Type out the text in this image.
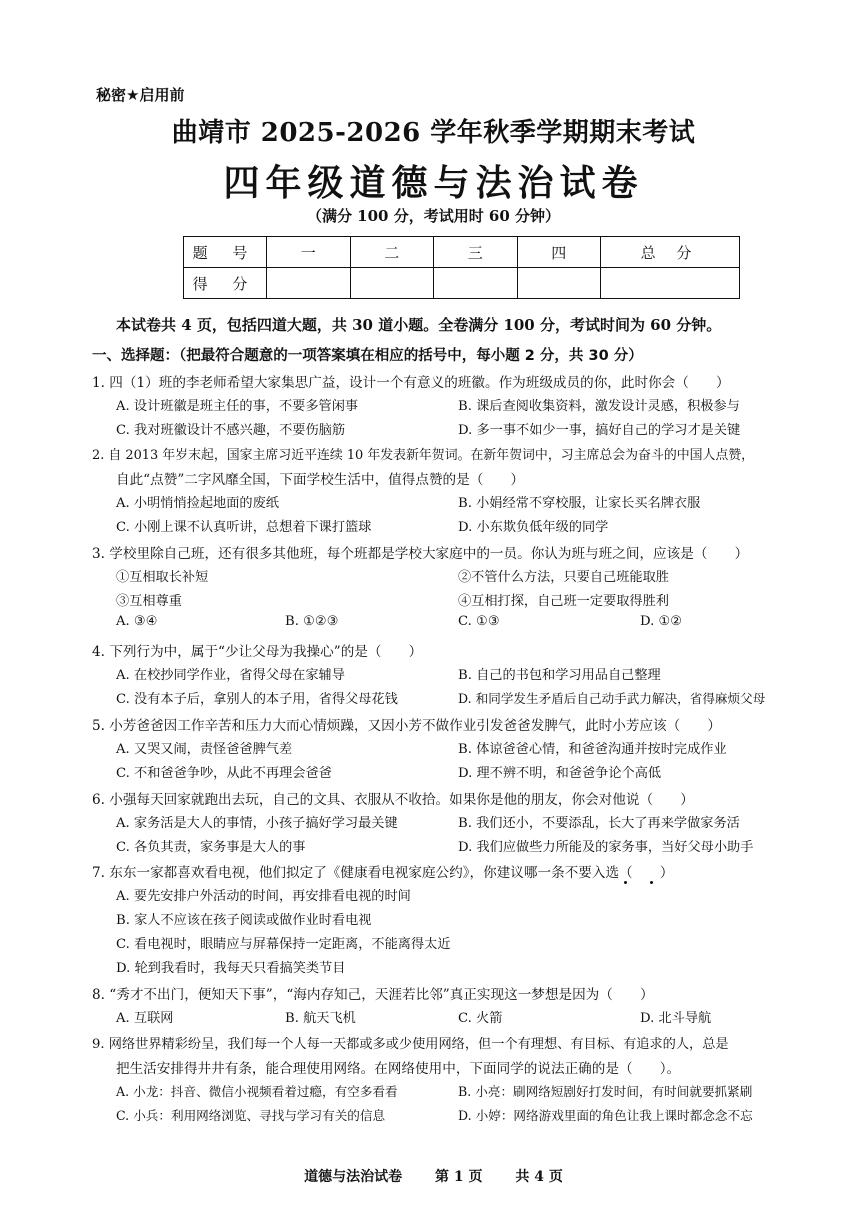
秘密★启用前
曲靖市 2025-2026 学年秋季学期期末考试
四年级道德与法治试卷
（满分 100 分，考试用时 60 分钟）
题 号	一	二	三	四	总 分
得 分					
本试卷共 4 页，包括四道大题，共 30 道小题。全卷满分 100 分，考试时间为 60 分钟。
一、选择题：（把最符合题意的一项答案填在相应的括号中，每小题 2 分，共 30 分）
1. 四（1）班的李老师希望大家集思广益，设计一个有意义的班徽。作为班级成员的你，此时你会（　　）
A. 设计班徽是班主任的事，不要多管闲事	B. 课后查阅收集资料，激发设计灵感，积极参与
C. 我对班徽设计不感兴趣，不要伤脑筋	D. 多一事不如少一事，搞好自己的学习才是关键
2. 自 2013 年岁末起，国家主席习近平连续 10 年发表新年贺词。在新年贺词中，习主席总会为奋斗的中国人点赞，
自此“点赞”二字风靡全国，下面学校生活中，值得点赞的是（　　）
A. 小明悄悄捡起地面的废纸	B. 小娟经常不穿校服，让家长买名牌衣服
C. 小刚上课不认真听讲，总想着下课打篮球	D. 小东欺负低年级的同学
3. 学校里除自己班，还有很多其他班，每个班都是学校大家庭中的一员。你认为班与班之间，应该是（　　）
①互相取长补短	②不管什么方法，只要自己班能取胜
③互相尊重	④互相打探，自己班一定要取得胜利
A. ③④	B. ①②③	C. ①③	D. ①②
4. 下列行为中，属于“少让父母为我操心”的是（　　）
A. 在校抄同学作业，省得父母在家辅导	B. 自己的书包和学习用品自己整理
C. 没有本子后，拿别人的本子用，省得父母花钱	D. 和同学发生矛盾后自己动手武力解决，省得麻烦父母
5. 小芳爸爸因工作辛苦和压力大而心情烦躁，又因小芳不做作业引发爸爸发脾气，此时小芳应该（　　）
A. 又哭又闹，责怪爸爸脾气差	B. 体谅爸爸心情，和爸爸沟通并按时完成作业
C. 不和爸爸争吵，从此不再理会爸爸	D. 理不辨不明，和爸爸争论个高低
6. 小强每天回家就跑出去玩，自己的文具、衣服从不收拾。如果你是他的朋友，你会对他说（　　）
A. 家务活是大人的事情，小孩子搞好学习最关键	B. 我们还小，不要添乱，长大了再来学做家务活
C. 各负其责，家务事是大人的事	D. 我们应做些力所能及的家务事，当好父母小助手
7. 东东一家都喜欢看电视，他们拟定了《健康看电视家庭公约》，你建议哪一条不要入选（　　）
A. 要先安排户外活动的时间，再安排看电视的时间
B. 家人不应该在孩子阅读或做作业时看电视
C. 看电视时，眼睛应与屏幕保持一定距离，不能离得太近
D. 轮到我看时，我每天只看搞笑类节目
8. “秀才不出门，便知天下事”，“海内存知己，天涯若比邻”真正实现这一梦想是因为（　　）
A. 互联网	B. 航天飞机	C. 火箭	D. 北斗导航
9. 网络世界精彩纷呈，我们每一个人每一天都或多或少使用网络，但一个有理想、有目标、有追求的人，总是
把生活安排得井井有条，能合理使用网络。在网络使用中，下面同学的说法正确的是（　　）。
A. 小龙：抖音、微信小视频看着过瘾，有空多看看	B. 小亮：刷网络短剧好打发时间，有时间就要抓紧刷
C. 小兵：利用网络浏览、寻找与学习有关的信息	D. 小婷：网络游戏里面的角色让我上课时都念念不忘
道德与法治试卷 第 1 页 共 4 页
